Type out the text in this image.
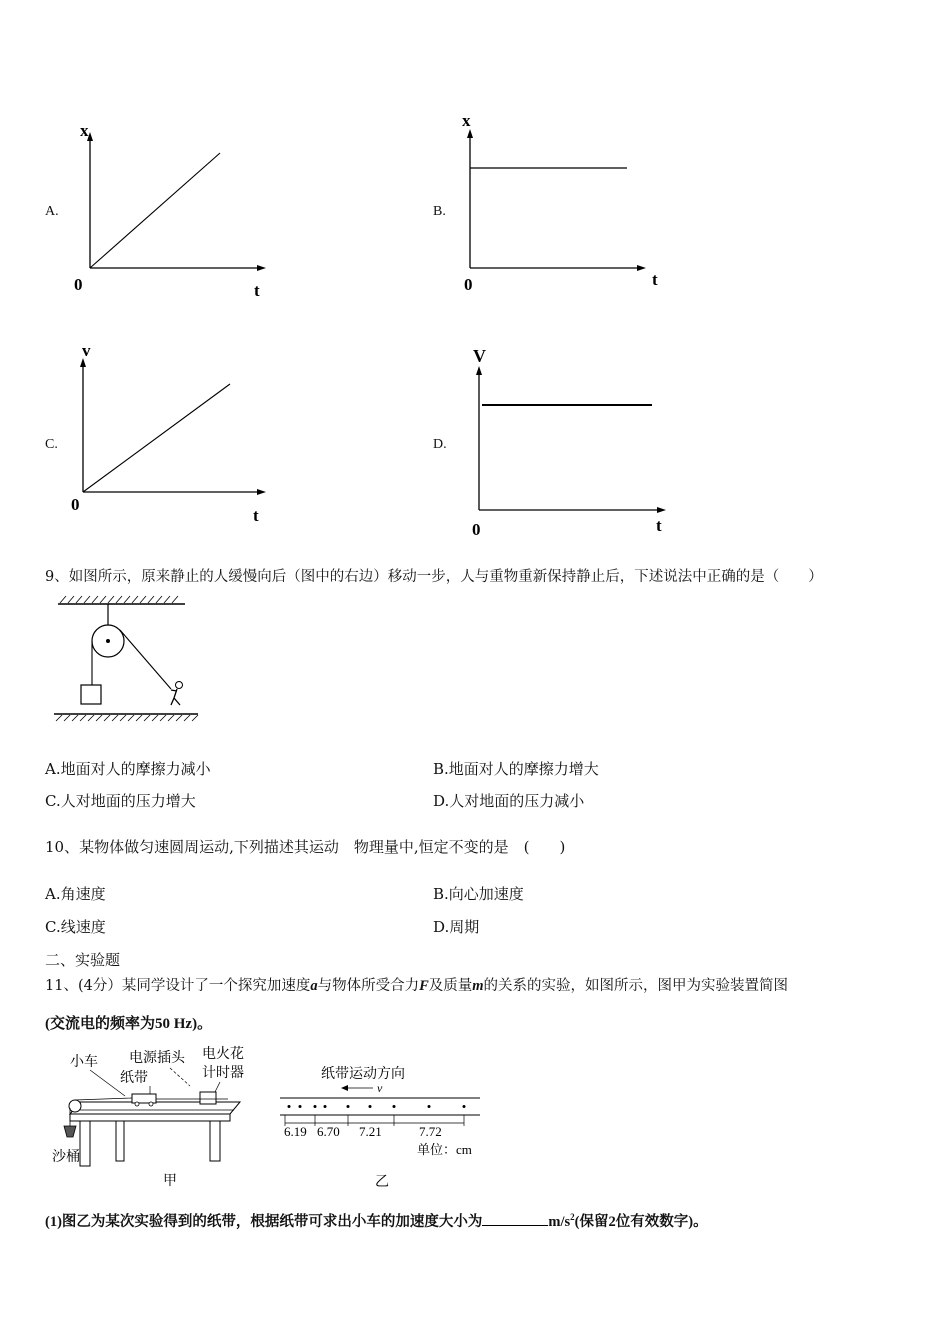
A.
x
0	t
B.
x
0	t
C.
v
0
t
D.
V
0	t
9、如图所示，原来静止的人缓慢向后（图中的右边）移动一步，人与重物重新保持静止后，下述说法中正确的是（　　）
A.地面对人的摩擦力减小	B.地面对人的摩擦力增大
C.人对地面的压力增大	D.人对地面的压力减小
10、某物体做匀速圆周运动,下列描述其运动　物理量中,恒定不变的是　(　　)
A.角速度	B.向心加速度
C.线速度	D.周期
二、实验题
11、(4分）某同学设计了一个探究加速度a与物体所受合力F及质量m的关系的实验，如图所示，图甲为实验装置简图
(交流电的频率为50 Hz)。
小车 电源插头 电火花
计时器
纸带
沙桶
甲
纸带运动方向
v
6.19 6.70 7.21	7.72
单位：cm
乙
(1)图乙为某次实验得到的纸带，根据纸带可求出小车的加速度大小为	$m/s^2$(保留2位有效数字)。
